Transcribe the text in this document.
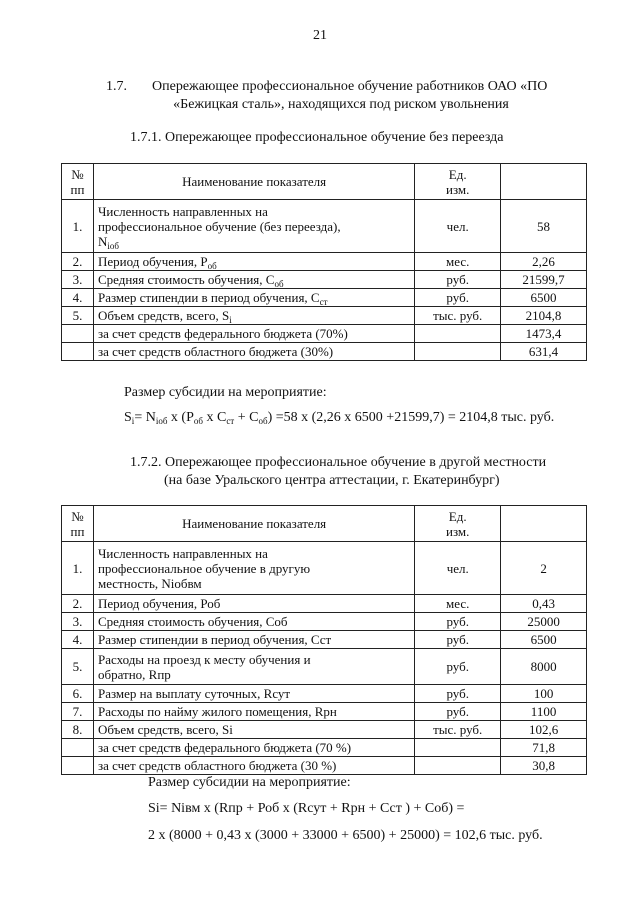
21
1.7. Опережающее профессиональное обучение работников ОАО «ПО
«Бежицкая сталь», находящихся под риском увольнения
1.7.1. Опережающее профессиональное обучение без переезда
№
пп	Наименование показателя	Ед.
изм.	
1.	Численность направленных на
профессиональное обучение (без переезда),
$N_{iоб}$	чел.	58
2.	Период обучения, $Р_{об}$	мес.	2,26
3.	Средняя стоимость обучения, $С_{об}$	руб.	21599,7
4.	Размер стипендии в период обучения, $С_{ст}$	руб.	6500
5.	Объем средств, всего, $S_i$	тыс. руб.	2104,8
	за счет средств федерального бюджета (70%)		1473,4
	за счет средств областного бюджета (30%)		631,4
Размер субсидии на мероприятие:
$S_i= N_{iоб}$ х ($Р_{об}$ х $С_{ст} + С_{об}) =58$ х (2,26 х 6500 +21599,7) = 2104,8 тыс. руб.
1.7.2. Опережающее профессиональное обучение в другой местности
(на базе Уральского центра аттестации, г. Екатеринбург)
№
пп	Наименование показателя	Ед.
изм.	
1.	Численность направленных на
профессиональное обучение в другую
местность, Niобвм	чел.	2
2.	Период обучения, Роб	мес.	0,43
3.	Средняя стоимость обучения, Соб	руб.	25000
4.	Размер стипендии в период обучения, Сст	руб.	6500
5.	Расходы на проезд к месту обучения и
обратно, Rпр	руб.	8000
6.	Размер на выплату суточных, Rсут	руб.	100
7.	Расходы по найму жилого помещения, Rрн	руб.	1100
8.	Объем средств, всего, Si	тыс. руб.	102,6
	за счет средств федерального бюджета (70 %)		71,8
	за счет средств областного бюджета (30 %)		30,8
Размер субсидии на мероприятие:
Si= Niвм х (Rпр + Роб х (Rсут + Rрн + Сст ) + Соб) =
2 х (8000 + 0,43 х (3000 + 33000 + 6500) + 25000) = 102,6 тыс. руб.
